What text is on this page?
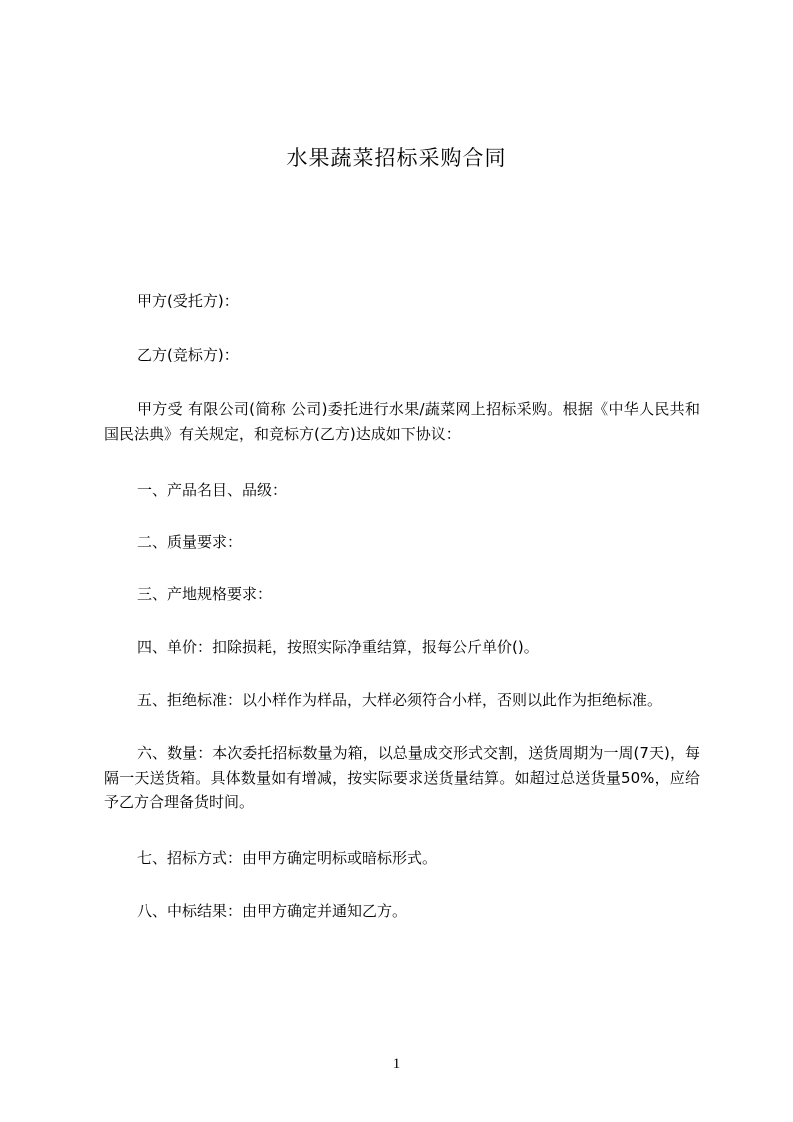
水果蔬菜招标采购合同

甲方(受托方)：

乙方(竞标方)：

甲方受 有限公司(简称 公司)委托进行水果/蔬菜网上招标采购。根据《中华人民共和国民法典》有关规定，和竞标方(乙方)达成如下协议：

一、产品名目、品级：

二、质量要求：

三、产地规格要求：

四、单价：扣除损耗，按照实际净重结算，报每公斤单价()。

五、拒绝标准：以小样作为样品，大样必须符合小样，否则以此作为拒绝标准。

六、数量：本次委托招标数量为箱，以总量成交形式交割，送货周期为一周(7天)，每隔一天送货箱。具体数量如有增减，按实际要求送货量结算。如超过总送货量50%，应给予乙方合理备货时间。

七、招标方式：由甲方确定明标或暗标形式。

八、中标结果：由甲方确定并通知乙方。

1
